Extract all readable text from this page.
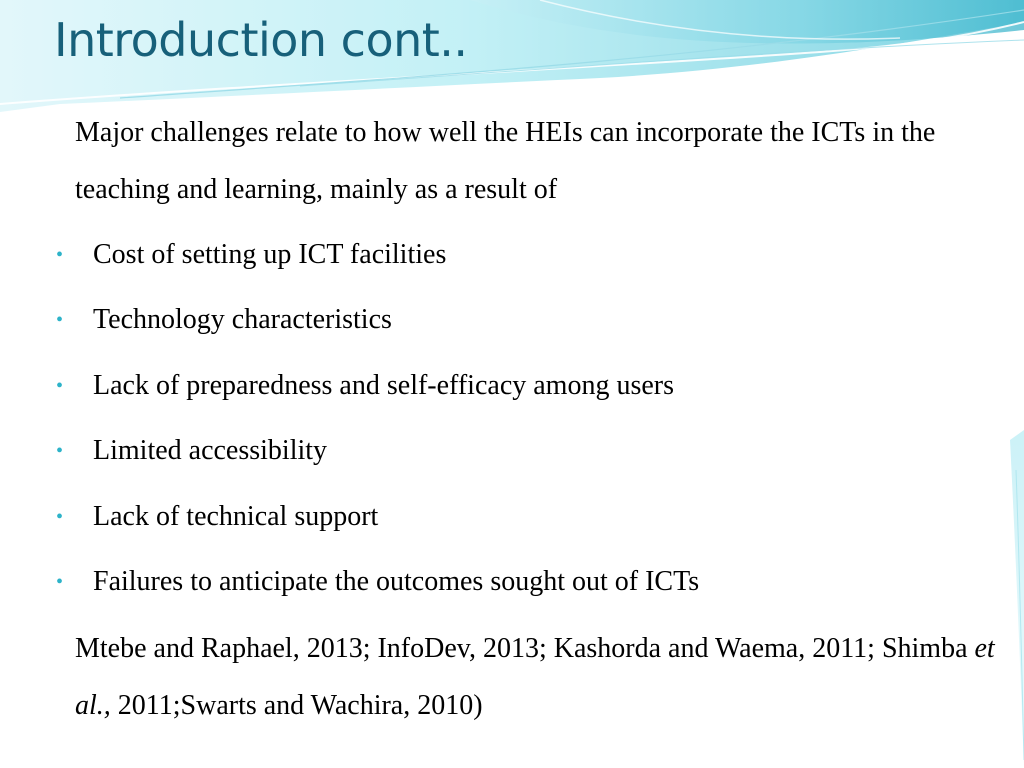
Introduction cont..

Major challenges relate to how well the HEIs can incorporate the ICTs in the teaching and learning, mainly as a result of

• Cost of setting up ICT facilities
• Technology characteristics
• Lack of preparedness and self-efficacy among users
• Limited accessibility
• Lack of technical support
• Failures to anticipate the outcomes sought out of ICTs

Mtebe and Raphael, 2013; InfoDev, 2013; Kashorda and Waema, 2011; Shimba et al., 2011;Swarts and Wachira, 2010)
